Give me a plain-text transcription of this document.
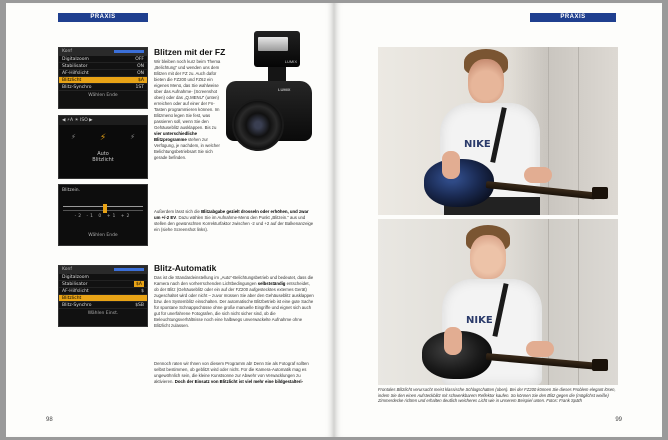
PRAXIS
Konf
Digitalzoom	OFF
Stabilisator	ON
AF-Hilfslicht	ON
Blitzlicht	$A
Blitz-Synchro	1ST
Wählen Ende
◀ ⚡A ☀ ISO ▶
⚡	⚡	⚡
Auto
Blitzlicht
Blitzein.
-2 -1 0 +1 +2
Wählen Ende
Konf
Digitalzoom
Stabilisator	$A
AF-Hilfslicht	$
Blitzlicht
Blitz-Synchro	$SB
Wählen Einst.
LUMIX
LUMIX
Blitzen mit der FZ
Wir bleiben noch kurz beim Thema „Belichtung“ und wenden uns dem Blitzen mit der FZ zu. Auch dafür bieten die FZ200 und FZ62 ein eigenes Menü, das Sie wahlweise über das Aufnahme- (Screenshot oben) oder das „Q.MENU“ (unten) erreichen oder auf einer der Fn-Tasten programmieren können. Im Blitzmenü legen Sie fest, was passieren soll, wenn Sie den Gehäuseblitz ausklappen. Bis zu vier unterschiedliche Blitzprogramme stehen zur Verfügung, je nachdem, in welcher Belichtungsbetriebsart Sie sich gerade befinden.
Außerdem lässt sich die Blitzabgabe gezielt drosseln oder erhöhen, und zwar um +/-2 EV. Dazu wählen Sie im Aufnahme-Menü den Punkt „Blitzein.“ aus und stellen den gewünschten Korrekturfaktor zwischen -2 und +2 auf der Balkenanzeige ein (siehe Screenshot links).
Blitz-Automatik
Das ist die Standardeinstellung im „Auto“-Belichtungsbetrieb und bedeutet, dass die Kamera nach den vorherrschenden Lichtbedingungen selbstständig entscheidet, ob der Blitz (Gehäuseblitz oder ein auf der FZ200 aufgestecktes externes Gerät) zugeschaltet wird oder nicht – zuvor müssen Sie aber den Gehäuseblitz ausklappen bzw. den Systemblitz einschalten. Der automatische Blitzbetrieb ist eine gute Sache für spontane Schnappschüsse ohne große manuelle Eingriffe und eignet sich auch gut für unerfahrene Fotografen, die sich nicht sicher sind, ob die Beleuchtungsverhältnisse noch eine halbwegs unverwackelte Aufnahme ohne Blitzlicht zulassen.
Dennoch raten wir Ihnen von diesem Programm ab! Denn Sie als Fotograf sollten selbst bestimmen, ob geblitzt wird oder nicht. Für die Kamera-Automatik mag es ungewöhnlich sein, die kleine Kunstsonne zur Abwehr von Verwacklungen zu aktivieren. Doch der Einsatz von Blitzlicht ist viel mehr eine bildgestalteri-
98
PRAXIS
NIKE
NIKE
Frontales Blitzlicht verursacht meist klassische Schlagschatten (oben). Bei der FZ200 können Sie dieses Problem elegant lösen, indem Sie den einen Aufsteckblitz mit schwenkbarem Reflektor kaufen. So können Sie den Blitz gegen die (möglichst weiße) Zimmerdecke richten und erhalten deutlich weicheres Licht wie in unserem Beispiel unten. Fotos: Frank Späth
99
